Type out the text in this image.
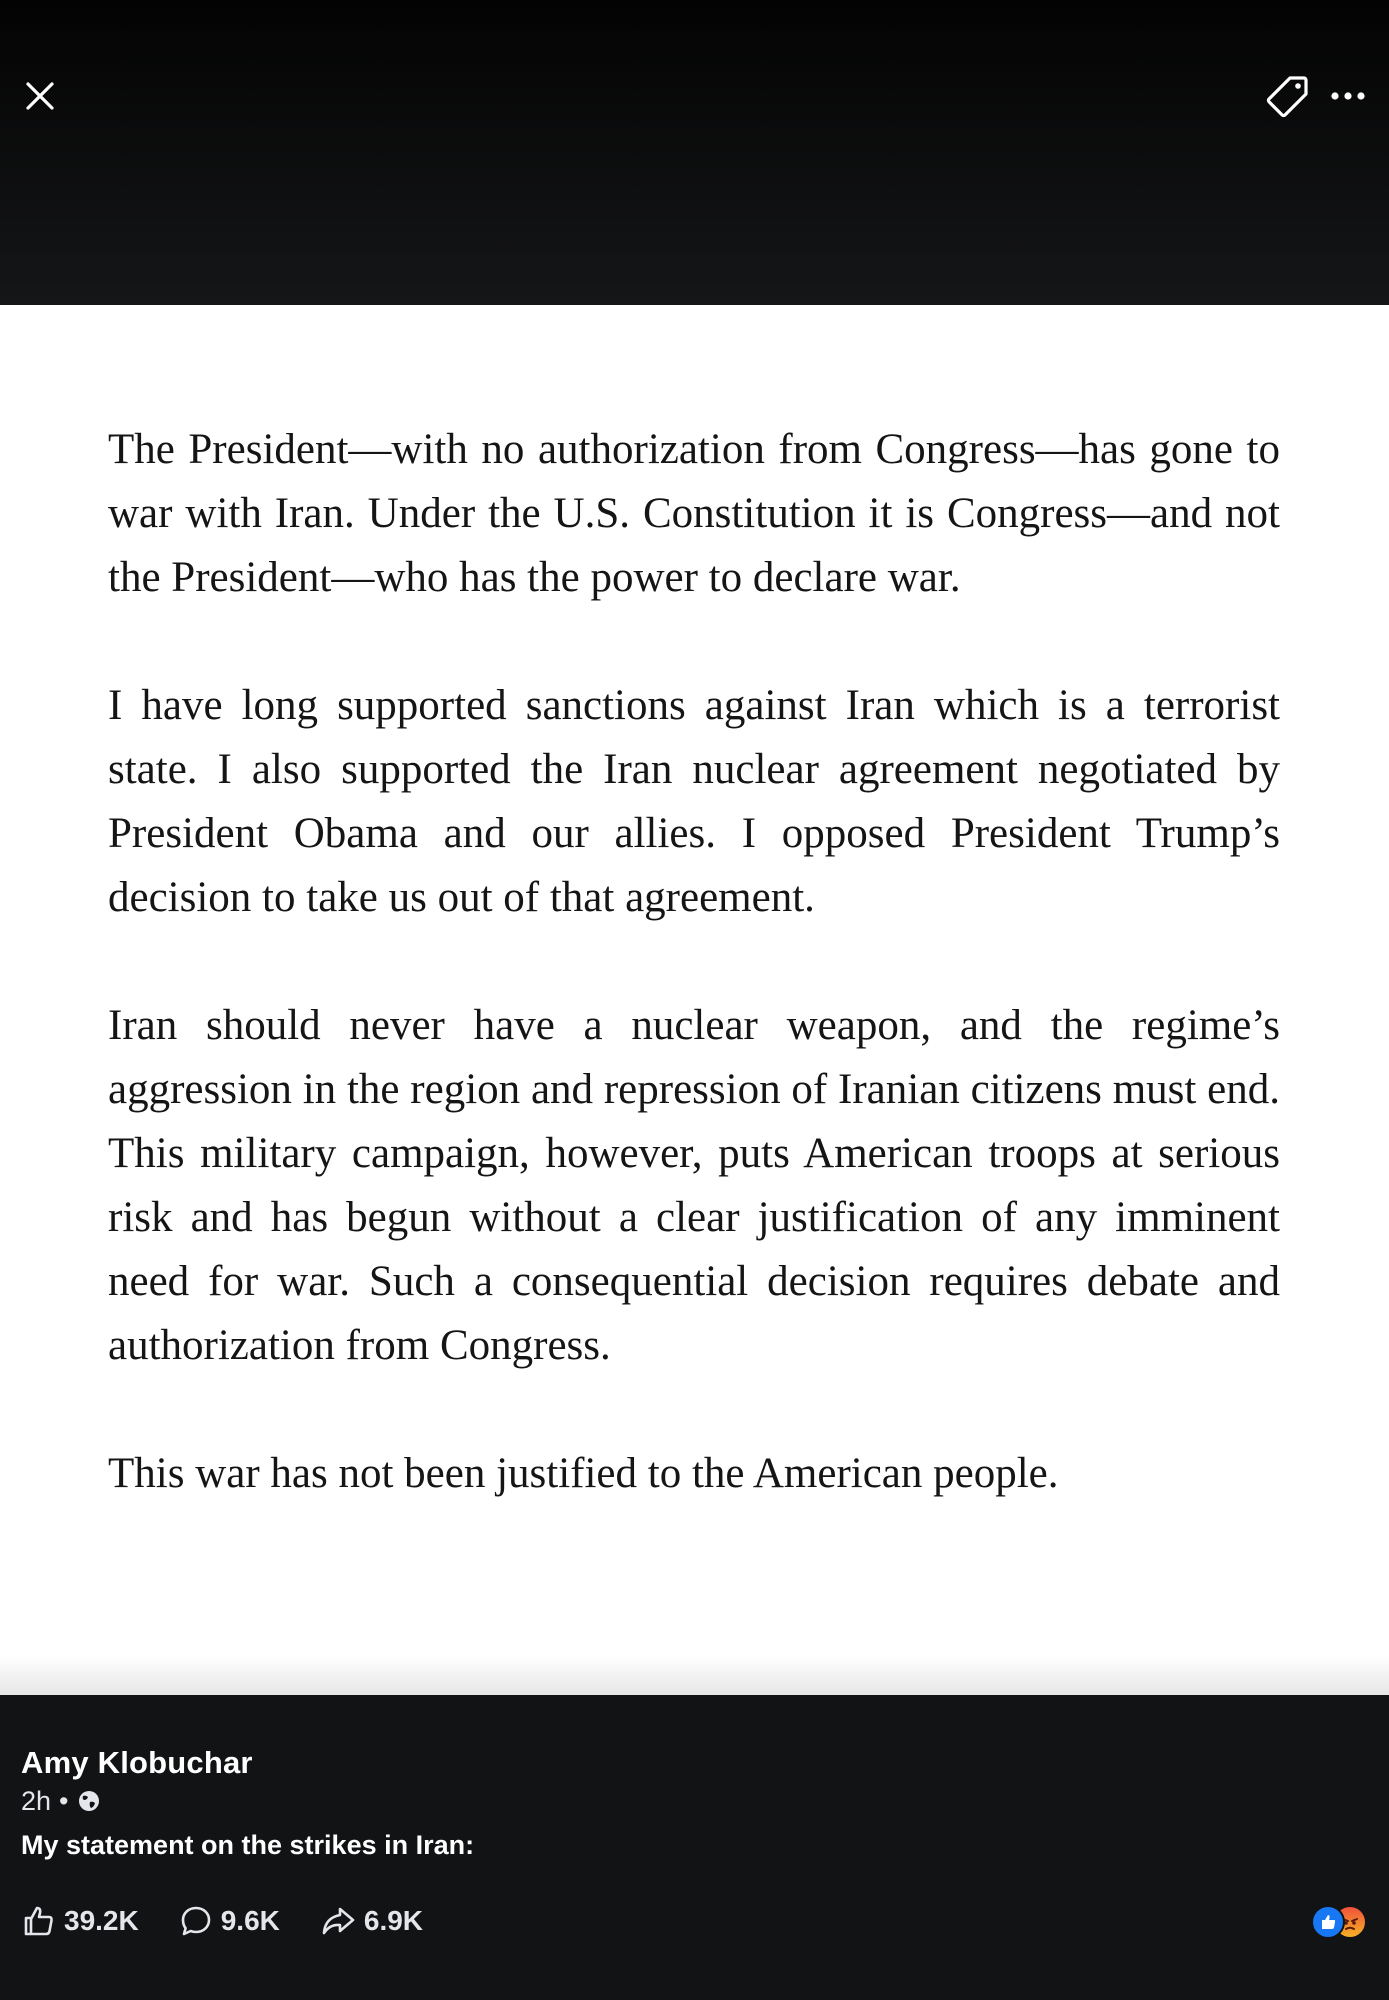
The President—with no authorization from Congress—has gone to war with Iran. Under the U.S. Constitution it is Congress—and not the President—who has the power to declare war.

I have long supported sanctions against Iran which is a terrorist state. I also supported the Iran nuclear agreement negotiated by President Obama and our allies. I opposed President Trump’s decision to take us out of that agreement.

Iran should never have a nuclear weapon, and the regime’s aggression in the region and repression of Iranian citizens must end. This military campaign, however, puts American troops at serious risk and has begun without a clear justification of any imminent need for war. Such a consequential decision requires debate and authorization from Congress.

This war has not been justified to the American people.

Amy Klobuchar
2h •
My statement on the strikes in Iran:
39.2K	9.6K	6.9K
